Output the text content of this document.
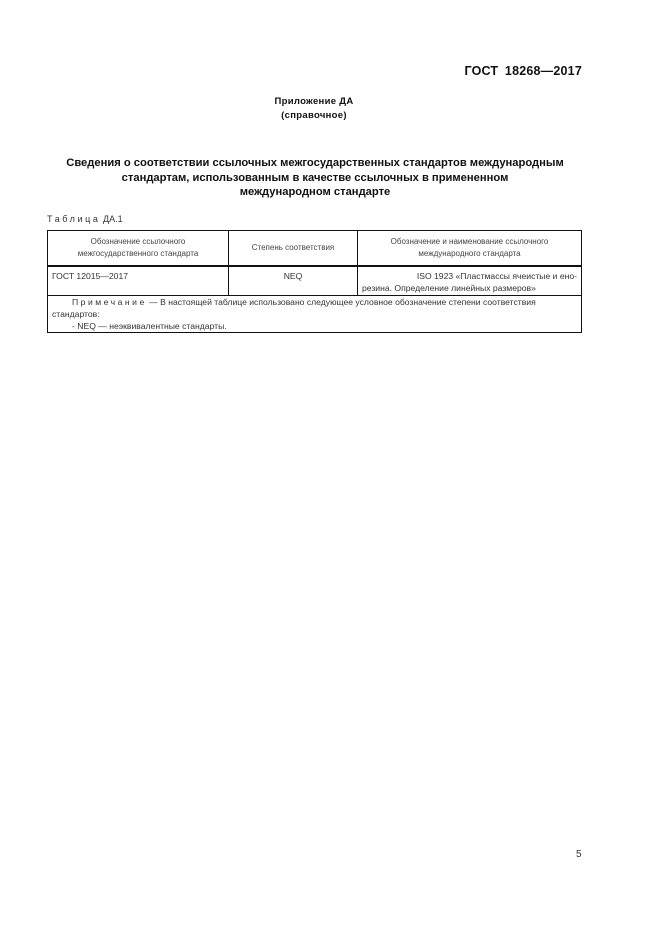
ГОСТ 18268—2017
Приложение ДА
(справочное)
Сведения о соответствии ссылочных межгосударственных стандартов международным
стандартам, использованным в качестве ссылочных в примененном
международном стандарте
Таблица ДА.1
Обозначение ссылочного межгосударственного стандарта	Степень соответствия	Обозначение и наименование ссылочного международного стандарта
ГОСТ 12015—2017	NEQ	ISO 1923 «Пластмассы ячеистые и ено-
резина. Определение линейных размеров»
Примечание — В настоящей таблице использовано следующее условное обозначение степени соответствия стандартов:
- NEQ — неэквивалентные стандарты.		
5
